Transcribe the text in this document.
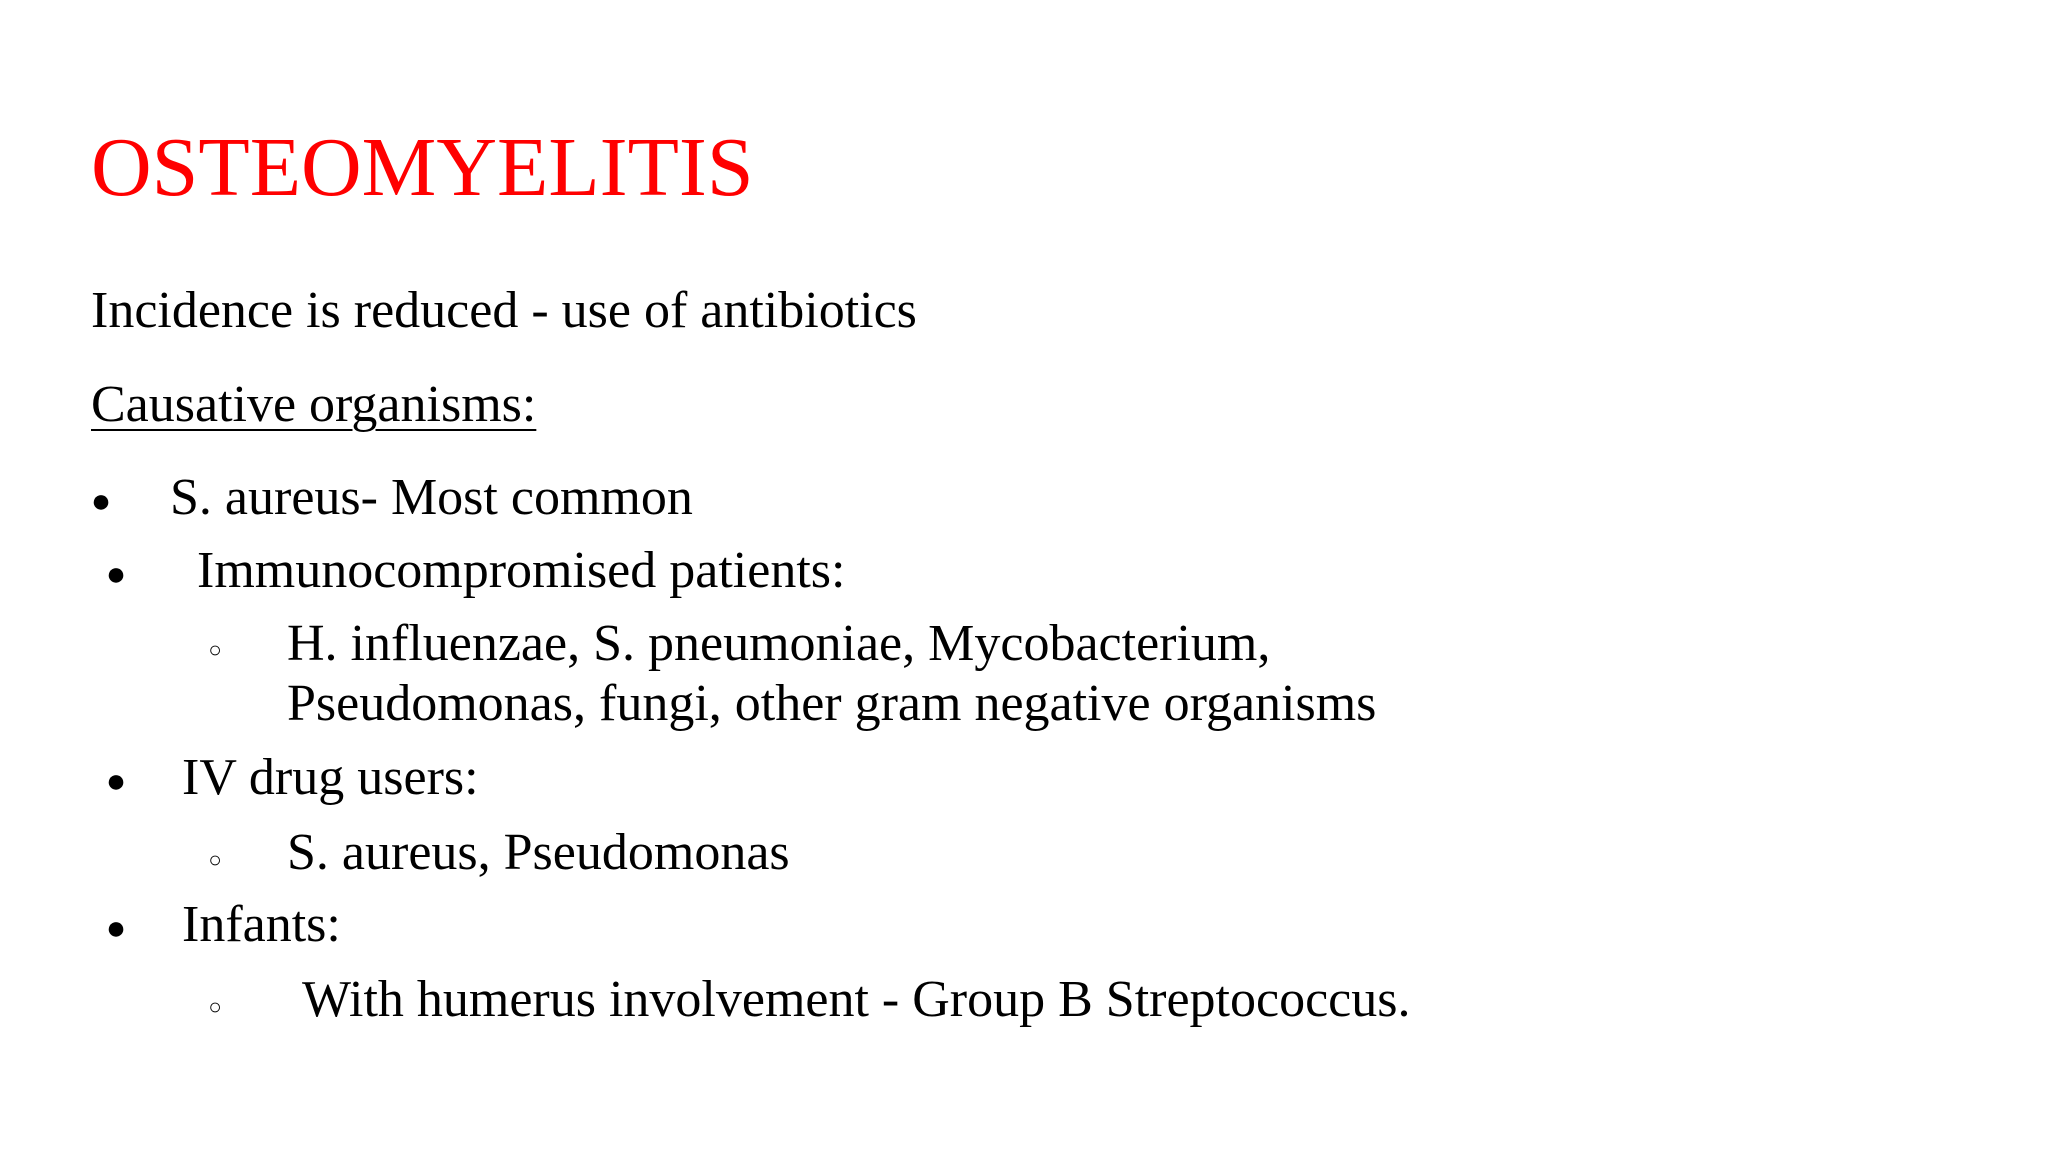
OSTEOMYELITIS

Incidence is reduced - use of antibiotics

Causative organisms:

● S. aureus- Most common

● Immunocompromised patients:

○ H. influenzae, S. pneumoniae, Mycobacterium,

Pseudomonas, fungi, other gram negative organisms

● IV drug users:

○ S. aureus, Pseudomonas

● Infants:

○ With humerus involvement - Group B Streptococcus.
